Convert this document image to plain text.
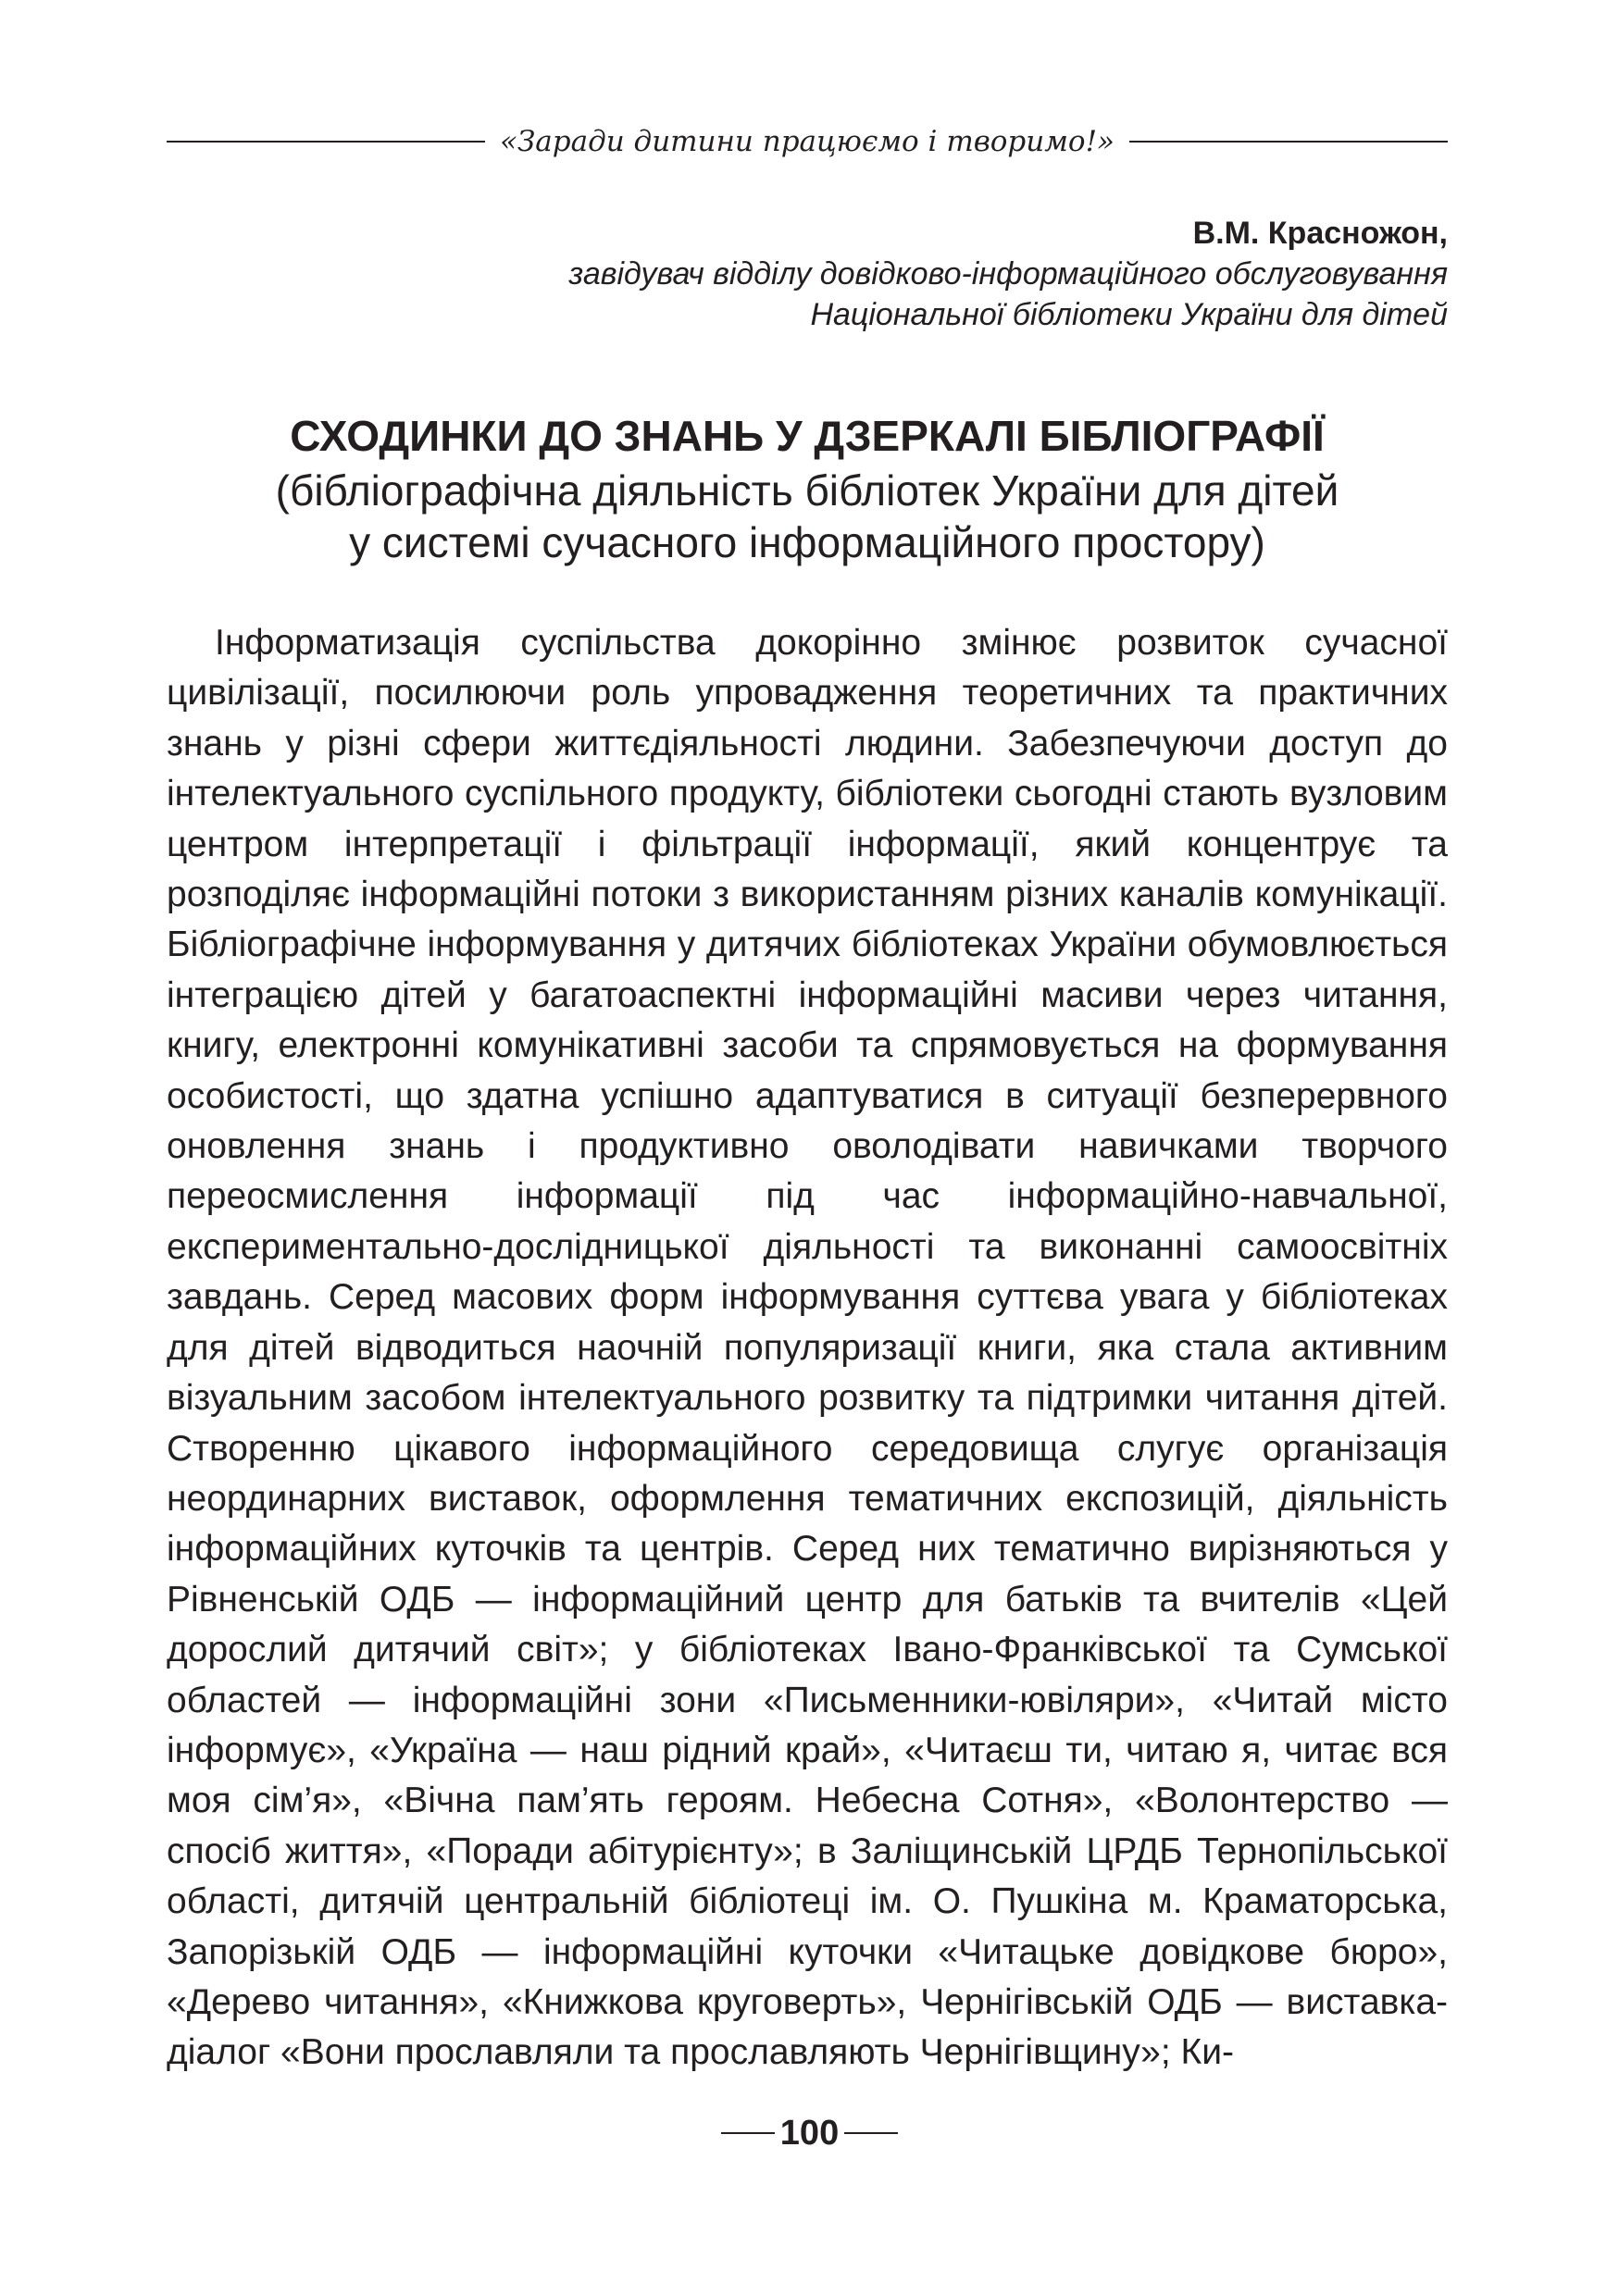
«Заради дитини працюємо і творимо!»
В.М. Красножон,
завідувач відділу довідково-інформаційного обслуговування
Національної бібліотеки України для дітей
СХОДИНКИ ДО ЗНАНЬ У ДЗЕРКАЛІ БІБЛІОГРАФІЇ
(бібліографічна діяльність бібліотек України для дітей
у системі сучасного інформаційного простору)

Інформатизація суспільства докорінно змінює розвиток сучасної цивілізації, посилюючи роль упровадження теоретичних та практичних знань у різні сфери життєдіяльності людини. Забезпечуючи доступ до інтелектуального суспільного продукту, бібліотеки сьогодні стають вузловим центром інтерпретації і фільтрації інформації, який концентрує та розподіляє інформаційні потоки з використанням різних каналів комунікації. Бібліографічне інформування у дитячих бібліотеках України обумовлюється інтеграцією дітей у багатоаспектні інформаційні масиви через читання, книгу, електронні комунікативні засоби та спрямовується на формування особистості, що здатна успішно адаптуватися в ситуації безперервного оновлення знань і продуктивно оволодівати навичками творчого переосмислення інформації під час інформаційно-навчальної, експериментально-дослідницької діяльності та виконанні самоосвітніх завдань. Серед масових форм інформування суттєва увага у бібліотеках для дітей відводиться наочній популяризації книги, яка стала активним візуальним засобом інтелектуального розвитку та підтримки читання дітей. Створенню цікавого інформаційного середовища слугує організація неординарних виставок, оформлення тематичних експозицій, діяльність інформаційних куточків та центрів. Серед них тематично вирізняються у Рівненській ОДБ — інформаційний центр для батьків та вчителів «Цей дорослий дитячий світ»; у бібліотеках Івано-Франківської та Сумської областей — інформаційні зони «Письменники-ювіляри», «Читай місто інформує», «Україна — наш рідний край», «Читаєш ти, читаю я, читає вся моя сім’я», «Вічна пам’ять героям. Небесна Сотня», «Волонтерство — спосіб життя», «Поради абітурієнту»; в Заліщинській ЦРДБ Тернопільської області, дитячій центральній бібліотеці ім. О. Пушкіна м. Краматорська, Запорізькій ОДБ — інформаційні куточки «Читацьке довідкове бюро», «Дерево читання», «Книжкова круговерть», Чернігівській ОДБ — виставка-діалог «Вони прославляли та прославляють Чернігівщину»; Ки-

100
